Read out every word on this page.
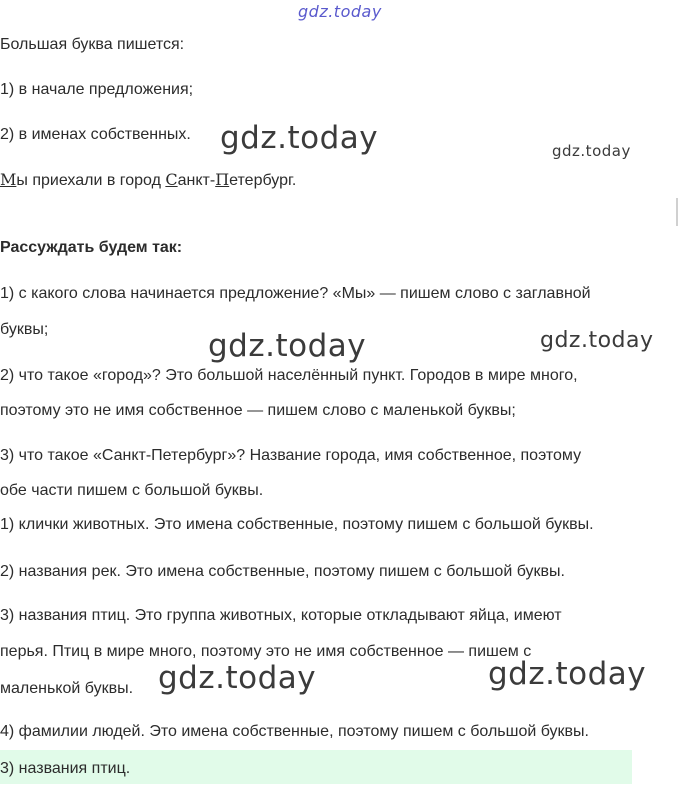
gdz.today
gdz.today	gdz.today
gdz.today	gdz.today
gdz.today	gdz.today
Большая буква пишется:
1) в начале предложения;
2) в именах собственных.
Мы приехали в город Санкт-Петербург.
Рассуждать будем так:
1) с какого слова начинается предложение? «Мы» — пишем слово с заглавной
буквы;
2) что такое «город»? Это большой населённый пункт. Городов в мире много,
поэтому это не имя собственное — пишем слово с маленькой буквы;
3) что такое «Санкт-Петербург»? Название города, имя собственное, поэтому
обе части пишем с большой буквы.
1) клички животных. Это имена собственные, поэтому пишем с большой буквы.
2) названия рек. Это имена собственные, поэтому пишем с большой буквы.
3) названия птиц. Это группа животных, которые откладывают яйца, имеют
перья. Птиц в мире много, поэтому это не имя собственное — пишем с
маленькой буквы.
4) фамилии людей. Это имена собственные, поэтому пишем с большой буквы.
3) названия птиц.
